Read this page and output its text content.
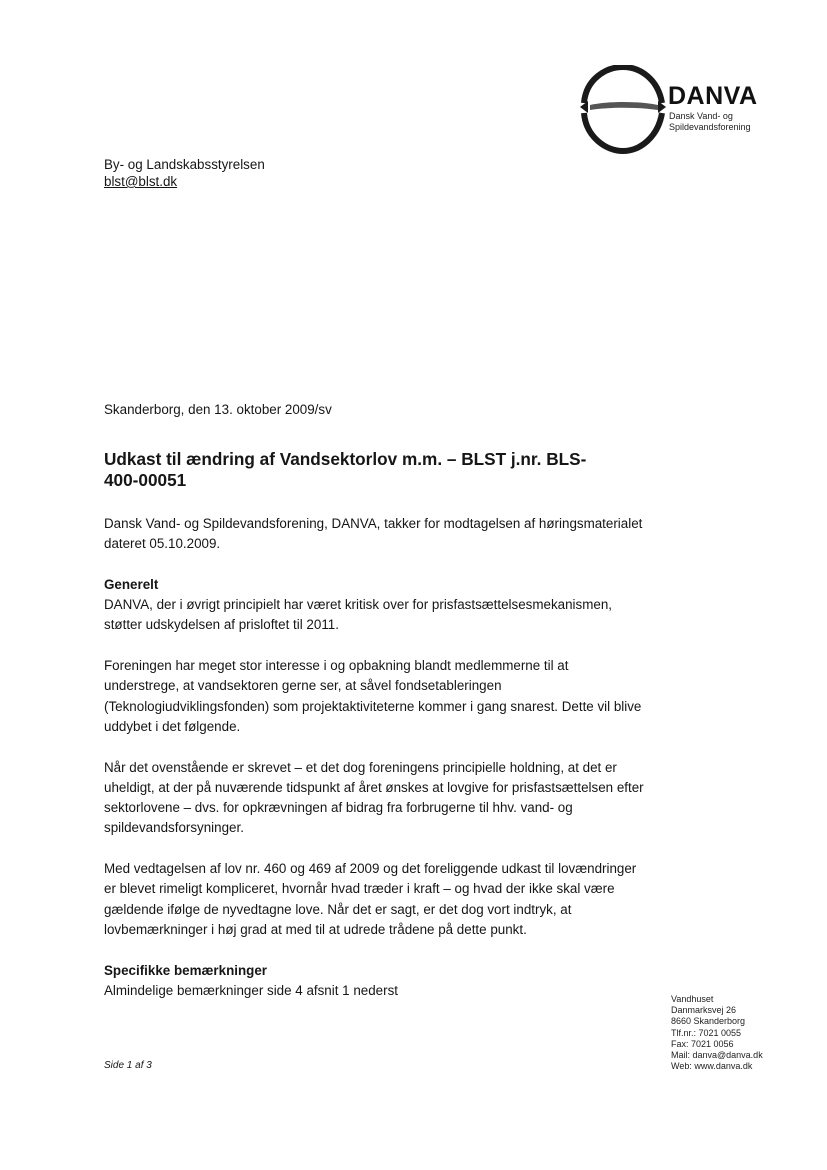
DANVA
Dansk Vand- og
Spildevandsforening
By- og Landskabsstyrelsen
blst@blst.dk
Skanderborg, den 13. oktober 2009/sv
Udkast til ændring af Vandsektorlov m.m. – BLST j.nr. BLS-
400-00051

Dansk Vand- og Spildevandsforening, DANVA, takker for modtagelsen af høringsmaterialet dateret 05.10.2009.

Generelt

DANVA, der i øvrigt principielt har været kritisk over for prisfastsættelsesmekanismen, støtter udskydelsen af prisloftet til 2011.

Foreningen har meget stor interesse i og opbakning blandt medlemmerne til at understrege, at vandsektoren gerne ser, at såvel fondsetableringen (Teknologiudviklingsfonden) som projektaktiviteterne kommer i gang snarest. Dette vil blive uddybet i det følgende.

Når det ovenstående er skrevet – et det dog foreningens principielle holdning, at det er uheldigt, at der på nuværende tidspunkt af året ønskes at lovgive for prisfastsættelsen efter sektorlovene – dvs. for opkrævningen af bidrag fra forbrugerne til hhv. vand- og spildevandsforsyninger.

Med vedtagelsen af lov nr. 460 og 469 af 2009 og det foreliggende udkast til lovændringer er blevet rimeligt kompliceret, hvornår hvad træder i kraft – og hvad der ikke skal være gældende ifølge de nyvedtagne love. Når det er sagt, er det dog vort indtryk, at lovbemærkninger i høj grad at med til at udrede trådene på dette punkt.

Specifikke bemærkninger

Almindelige bemærkninger side 4 afsnit 1 nederst

Side 1 af 3
Vandhuset
Danmarksvej 26
8660 Skanderborg
Tlf.nr.: 7021 0055
Fax: 7021 0056
Mail: danva@danva.dk
Web: www.danva.dk
